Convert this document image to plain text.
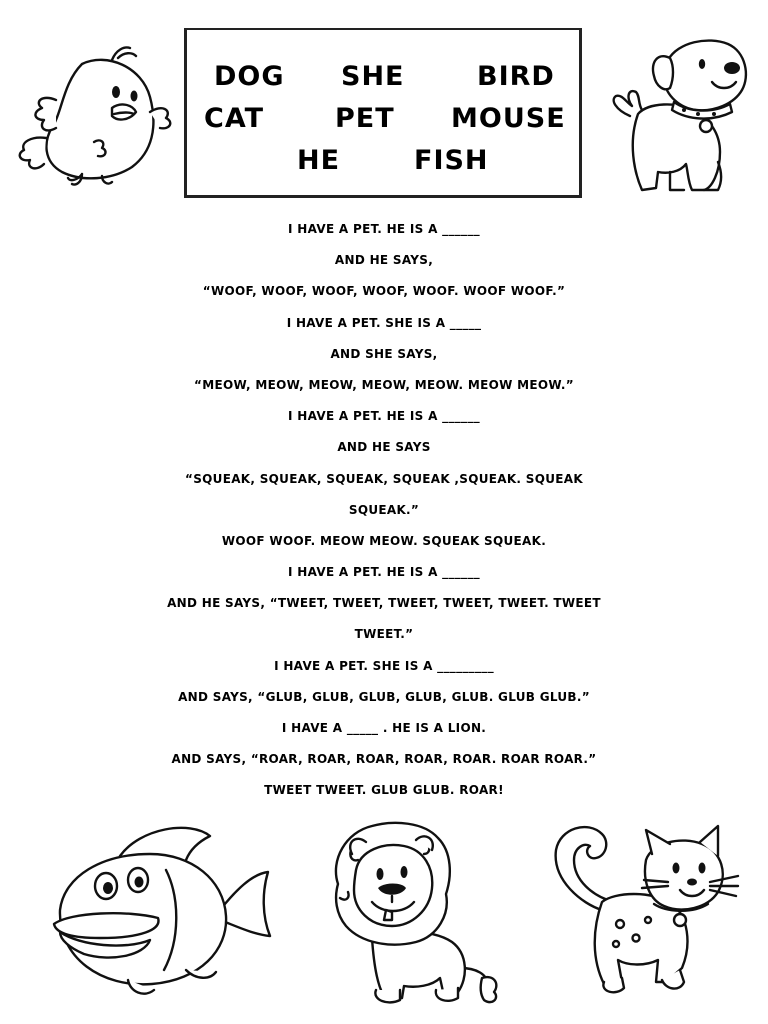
DOG SHE	BIRD
CAT	PET MOUSE
HE	FISH
I HAVE A PET. HE IS A ______
AND HE SAYS,
“WOOF, WOOF, WOOF, WOOF, WOOF. WOOF WOOF.”
I HAVE A PET. SHE IS A _____
AND SHE SAYS,
“MEOW, MEOW, MEOW, MEOW, MEOW. MEOW MEOW.”
I HAVE A PET. HE IS A ______
AND HE SAYS
“SQUEAK, SQUEAK, SQUEAK, SQUEAK ,SQUEAK. SQUEAK
SQUEAK.”
WOOF WOOF. MEOW MEOW. SQUEAK SQUEAK.
I HAVE A PET. HE IS A ______
AND HE SAYS, “TWEET, TWEET, TWEET, TWEET, TWEET. TWEET
TWEET.”
I HAVE A PET. SHE IS A _________
AND SAYS, “GLUB, GLUB, GLUB, GLUB, GLUB. GLUB GLUB.”
I HAVE A _____ . HE IS A LION.
AND SAYS, “ROAR, ROAR, ROAR, ROAR, ROAR. ROAR ROAR.”
TWEET TWEET. GLUB GLUB. ROAR!
